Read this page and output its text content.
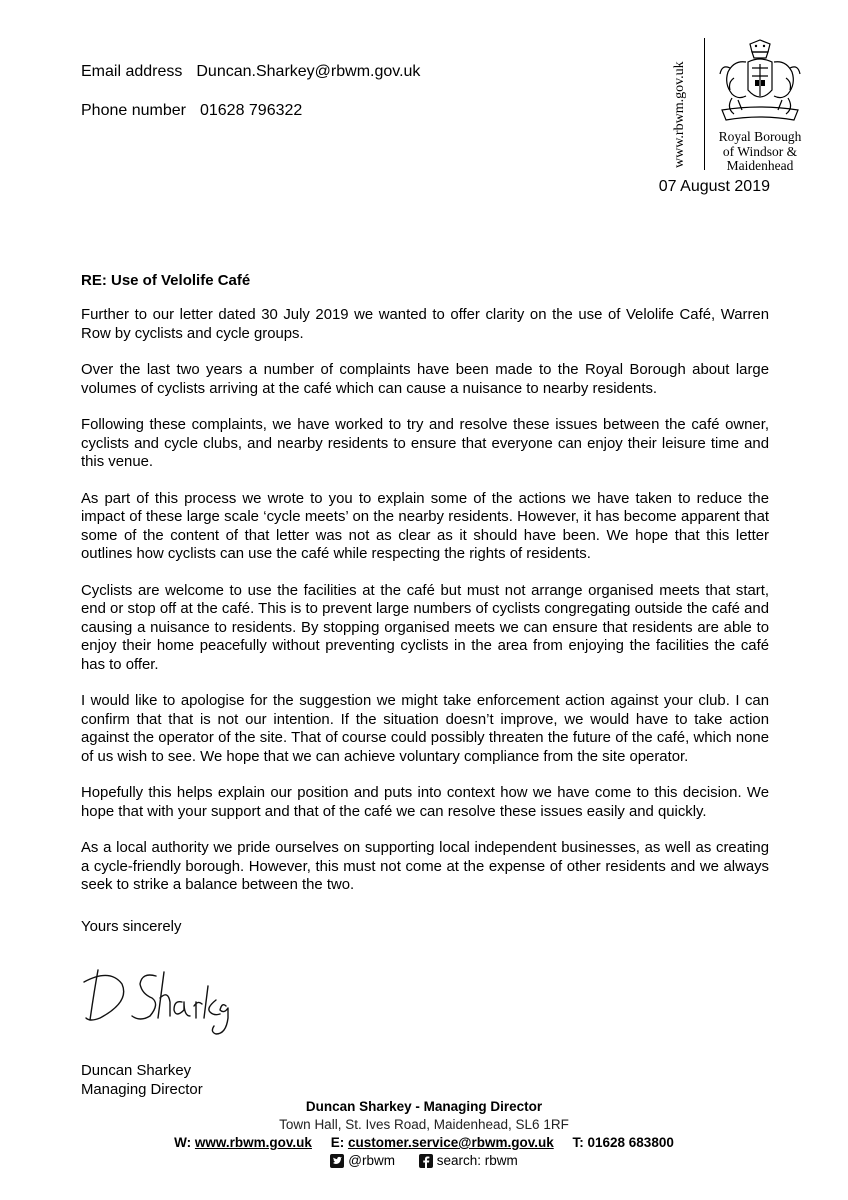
Email address Duncan.Sharkey@rbwm.gov.uk
Phone number 01628 796322	www.rbwm.gov.uk	Royal Borough
of Windsor &
Maidenhead
07 August 2019
RE: Use of Velolife Café

Further to our letter dated 30 July 2019 we wanted to offer clarity on the use of Velolife Café, Warren Row by cyclists and cycle groups.

Over the last two years a number of complaints have been made to the Royal Borough about large volumes of cyclists arriving at the café which can cause a nuisance to nearby residents.

Following these complaints, we have worked to try and resolve these issues between the café owner, cyclists and cycle clubs, and nearby residents to ensure that everyone can enjoy their leisure time and this venue.

As part of this process we wrote to you to explain some of the actions we have taken to reduce the impact of these large scale ‘cycle meets’ on the nearby residents. However, it has become apparent that some of the content of that letter was not as clear as it should have been. We hope that this letter outlines how cyclists can use the café while respecting the rights of residents.

Cyclists are welcome to use the facilities at the café but must not arrange organised meets that start, end or stop off at the café. This is to prevent large numbers of cyclists congregating outside the café and causing a nuisance to residents. By stopping organised meets we can ensure that residents are able to enjoy their home peacefully without preventing cyclists in the area from enjoying the facilities the café has to offer.

I would like to apologise for the suggestion we might take enforcement action against your club. I can confirm that that is not our intention. If the situation doesn’t improve, we would have to take action against the operator of the site. That of course could possibly threaten the future of the café, which none of us wish to see. We hope that we can achieve voluntary compliance from the site operator.

Hopefully this helps explain our position and puts into context how we have come to this decision. We hope that with your support and that of the café we can resolve these issues easily and quickly.

As a local authority we pride ourselves on supporting local independent businesses, as well as creating a cycle-friendly borough. However, this must not come at the expense of other residents and we always seek to strike a balance between the two.

Yours sincerely
Duncan Sharkey
Managing Director
Duncan Sharkey - Managing Director
Town Hall, St. Ives Road, Maidenhead, SL6 1RF
W: www.rbwm.gov.uk E: customer.service@rbwm.gov.uk T: 01628 683800
@rbwm
	search: rbwm
